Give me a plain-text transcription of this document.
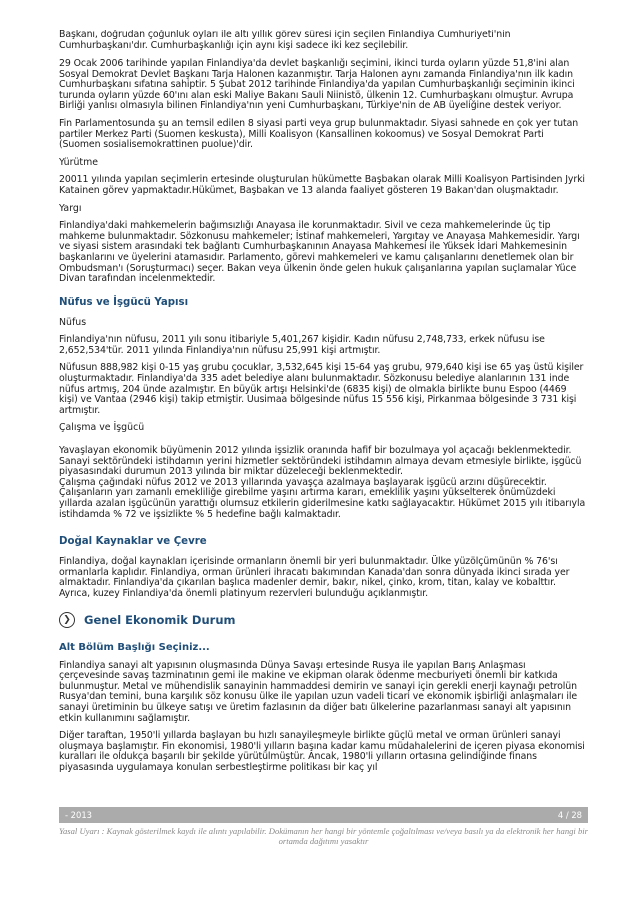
Başkanı, doğrudan çoğunluk oyları ile altı yıllık görev süresi için seçilen Finlandiya Cumhuriyeti'nin Cumhurbaşkanı'dır. Cumhurbaşkanlığı için aynı kişi sadece iki kez seçilebilir.

29 Ocak 2006 tarihinde yapılan Finlandiya'da devlet başkanlığı seçimini, ikinci turda oyların yüzde 51,8'ini alan Sosyal Demokrat Devlet Başkanı Tarja Halonen kazanmıştır. Tarja Halonen aynı zamanda Finlandiya'nın ilk kadın Cumhurbaşkanı sıfatına sahiptir. 5 Şubat 2012 tarihinde Finlandiya'da yapılan Cumhurbaşkanlığı seçiminin ikinci turunda oyların yüzde 60'ını alan eski Maliye Bakanı Sauli Niinistö, ülkenin 12. Cumhurbaşkanı olmuştur. Avrupa Birliği yanlısı olmasıyla bilinen Finlandiya'nın yeni Cumhurbaşkanı, Türkiye'nin de AB üyeliğine destek veriyor.

Fin Parlamentosunda şu an temsil edilen 8 siyasi parti veya grup bulunmaktadır. Siyasi sahnede en çok yer tutan partiler Merkez Parti (Suomen keskusta), Milli Koalisyon (Kansallinen kokoomus) ve Sosyal Demokrat Parti (Suomen sosialisemokrattinen puolue)'dir.

Yürütme

20011 yılında yapılan seçimlerin ertesinde oluşturulan hükümette Başbakan olarak Milli Koalisyon Partisinden Jyrki Katainen görev yapmaktadır.Hükümet, Başbakan ve 13 alanda faaliyet gösteren 19 Bakan'dan oluşmaktadır.

Yargı

Finlandiya'daki mahkemelerin bağımsızlığı Anayasa ile korunmaktadır. Sivil ve ceza mahkemelerinde üç tip mahkeme bulunmaktadır. Sözkonusu mahkemeler; İstinaf mahkemeleri, Yargıtay ve Anayasa Mahkemesidir. Yargı ve siyasi sistem arasındaki tek bağlantı Cumhurbaşkanının Anayasa Mahkemesi ile Yüksek İdari Mahkemesinin başkanlarını ve üyelerini atamasıdır. Parlamento, görevi mahkemeleri ve kamu çalışanlarını denetlemek olan bir Ombudsman'ı (Soruşturmacı) seçer. Bakan veya ülkenin önde gelen hukuk çalışanlarına yapılan suçlamalar Yüce Divan tarafından incelenmektedir.

Nüfus ve İşgücü Yapısı

Nüfus

Finlandiya'nın nüfusu, 2011 yılı sonu itibariyle 5,401,267 kişidir. Kadın nüfusu 2,748,733, erkek nüfusu ise 2,652,534'tür. 2011 yılında Finlandiya'nın nüfusu 25,991 kişi artmıştır.

Nüfusun 888,982 kişi 0-15 yaş grubu çocuklar, 3,532,645 kişi 15-64 yaş grubu, 979,640 kişi ise 65 yaş üstü kişiler oluşturmaktadır. Finlandiya'da 335 adet belediye alanı bulunmaktadır. Sözkonusu belediye alanlarının 131 inde nüfus artmış, 204 ünde azalmıştır. En büyük artışı Helsinki'de (6835 kişi) de olmakla birlikte bunu Espoo (4469 kişi) ve Vantaa (2946 kişi) takip etmiştir. Uusimaa bölgesinde nüfus 15 556 kişi, Pirkanmaa bölgesinde 3 731 kişi artmıştır.

Çalışma ve İşgücü

Yavaşlayan ekonomik büyümenin 2012 yılında işsizlik oranında hafif bir bozulmaya yol açacağı beklenmektedir. Sanayi sektöründeki istihdamın yerini hizmetler sektöründeki istihdamın almaya devam etmesiyle birlikte, işgücü piyasasındaki durumun 2013 yılında bir miktar düzeleceği beklenmektedir.
Çalışma çağındaki nüfus 2012 ve 2013 yıllarında yavaşça azalmaya başlayarak işgücü arzını düşürecektir. Çalışanların yarı zamanlı emekliliğe girebilme yaşını artırma kararı, emeklilik yaşını yükselterek önümüzdeki yıllarda azalan işgücünün yarattığı olumsuz etkilerin giderilmesine katkı sağlayacaktır. Hükümet 2015 yılı itibarıyla istihdamda % 72 ve işsizlikte % 5 hedefine bağlı kalmaktadır.

Doğal Kaynaklar ve Çevre

Finlandiya, doğal kaynakları içerisinde ormanların önemli bir yeri bulunmaktadır. Ülke yüzölçümünün % 76'sı ormanlarla kaplıdır. Finlandiya, orman ürünleri ihracatı bakımından Kanada'dan sonra dünyada ikinci sırada yer almaktadır. Finlandiya'da çıkarılan başlıca madenler demir, bakır, nikel, çinko, krom, titan, kalay ve kobalttır. Ayrıca, kuzey Finlandiya'da önemli platinyum rezervleri bulunduğu açıklanmıştır.

❯	Genel Ekonomik Durum
Alt Bölüm Başlığı Seçiniz...

Finlandiya sanayi alt yapısının oluşmasında Dünya Savaşı ertesinde Rusya ile yapılan Barış Anlaşması çerçevesinde savaş tazminatının gemi ile makine ve ekipman olarak ödenme mecburiyeti önemli bir katkıda bulunmuştur. Metal ve mühendislik sanayinin hammaddesi demirin ve sanayi için gerekli enerji kaynağı petrolün Rusya'dan temini, buna karşılık söz konusu ülke ile yapılan uzun vadeli ticari ve ekonomik işbirliği anlaşmaları ile sanayi üretiminin bu ülkeye satışı ve üretim fazlasının da diğer batı ülkelerine pazarlanması sanayi alt yapısının etkin kullanımını sağlamıştır.

Diğer taraftan, 1950'li yıllarda başlayan bu hızlı sanayileşmeyle birlikte güçlü metal ve orman ürünleri sanayi oluşmaya başlamıştır. Fin ekonomisi, 1980'li yılların başına kadar kamu müdahalelerini de içeren piyasa ekonomisi kuralları ile oldukça başarılı bir şekilde yürütülmüştür. Ancak, 1980'li yılların ortasına gelindiğinde finans piyasasında uygulamaya konulan serbestleştirme politikası bir kaç yıl

- 2013	4 / 28
Yasal Uyarı : Kaynak gösterilmek kaydı ile alıntı yapılabilir. Dokümanın her hangi bir yöntemle çoğaltılması ve/veya basılı ya da elektronik her hangi bir ortamda dağıtımı yasaktır
